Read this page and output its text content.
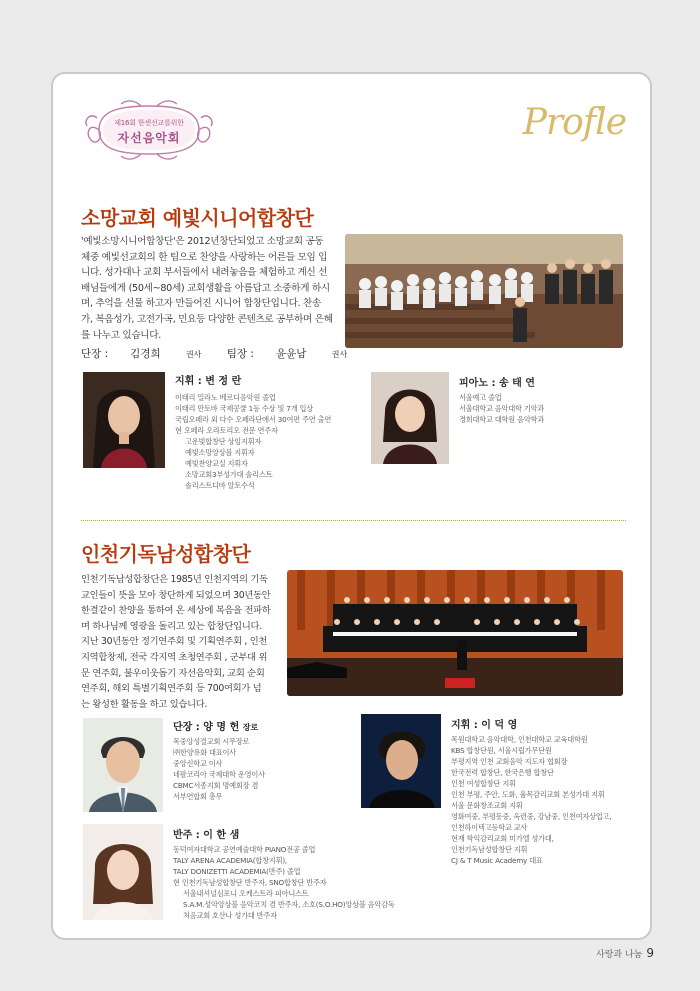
제16회 한센선교를위한
자선음악회	Profle
소망교회 예빛시니어합창단
'예빛소망시니어합창단'은 2012년창단되었고 소망교회 공동
체중 예빛선교회의 한 팀으로 찬양을 사랑하는 어른들 모임 입
니다. 성가대나 교회 부서들에서 내려놓음을 체험하고 계신 선
배님들에게 (50세~80세) 교회생활을 아름답고 소중하게 하시
며, 추억을 선물 하고자 만들어진 시니어 합창단입니다. 찬송
가, 복음성가, 고전가곡, 민요등 다양한 콘텐츠로 공부하며 은혜
를 나누고 있습니다.
단장 : 김경희	권사 팀장 : 윤윤남	권사
지휘 : 변 정 란
이태리 밀라노 베르디음악원 졸업
이태리 만토바 국제콩쿨 1등 수상 및 7개 입상
국립오페라 외 다수 오페라단에서 30여편 주연 출연
현 오페라 오라토리오 전문 연주자
고운빛합창단 상임지휘자
예빛소망앙상블 지휘자
예빛찬양교실 지휘자
소망교회3부성가대 솔리스트
솔리스트디바 알토수석
피아노 : 송 태 연
서울예고 졸업
서울대학교 음악대학 기악과
경희대학교 대학원 음악학과
인천기독남성합창단
인천기독남성합창단은 1985년 인천지역의 기독
교인들이 뜻을 모아 창단하게 되었으며 30년동안
한결같이 찬양을 통하여 온 세상에 복음을 전파하
며 하나님께 영광을 돌리고 있는 합창단입니다.
지난 30년동안 정기연주회 및 기획연주회 , 인천
지역합창제, 전국 각지역 초청연주회 , 군부대 위
문 연주회, 불우이웃돕기 자선음악회, 교회 순회
연주회, 해외 특별기획연주회 등 700여회가 넘
는 왕성한 활동을 하고 있습니다.
단장 : 양 명 헌 장로
목중앙성결교회 시무장로
㈜한양유화 대표이사
중앙신학교 이사
네팔코리아 국제대학 운영이사
CBMC서종지회 명예회장 겸
서부연합회 총무
지휘 : 이 덕 영
목원대학교 음악대학, 인천대학교 교육대학원
KBS 합창단원, 서울시립가무단원
부평지역 인천 교회음악 지도자 협회장
한국전력 합창단, 한국은행 합창단
인천 여성합창단 지휘
인천 부평, 주안, 도화, 율목감리교회 본성가대 지휘
서울 문화창조교회 지휘
영화여중, 부평동중, 옥련중, 강남중, 인천여자상업고,
인천하이텍고등학교 교사
현재 학익감리교회 미가엘 성가대,
인천기독남성합창단 지휘
CJ & T Music Academy 대표
반주 : 이 한 샘
동덕여자대학교 공연예술대학 PIANO전공 졸업
TALY ARENA ACADEMIA(합창지휘),
TALY DONIZETTI ACADEMIA(반주) 졸업
현 인천기독남성합창단 반주자, SNO합창단 반주자
서울내셔널심포니 오케스트라 피아니스트
S.A.M.성악앙상블 음악코치 겸 반주자, 소호(S.O.HO)앙상블 음악감독
처음교회 호산나 성가대 반주자
사랑과 나눔 9
